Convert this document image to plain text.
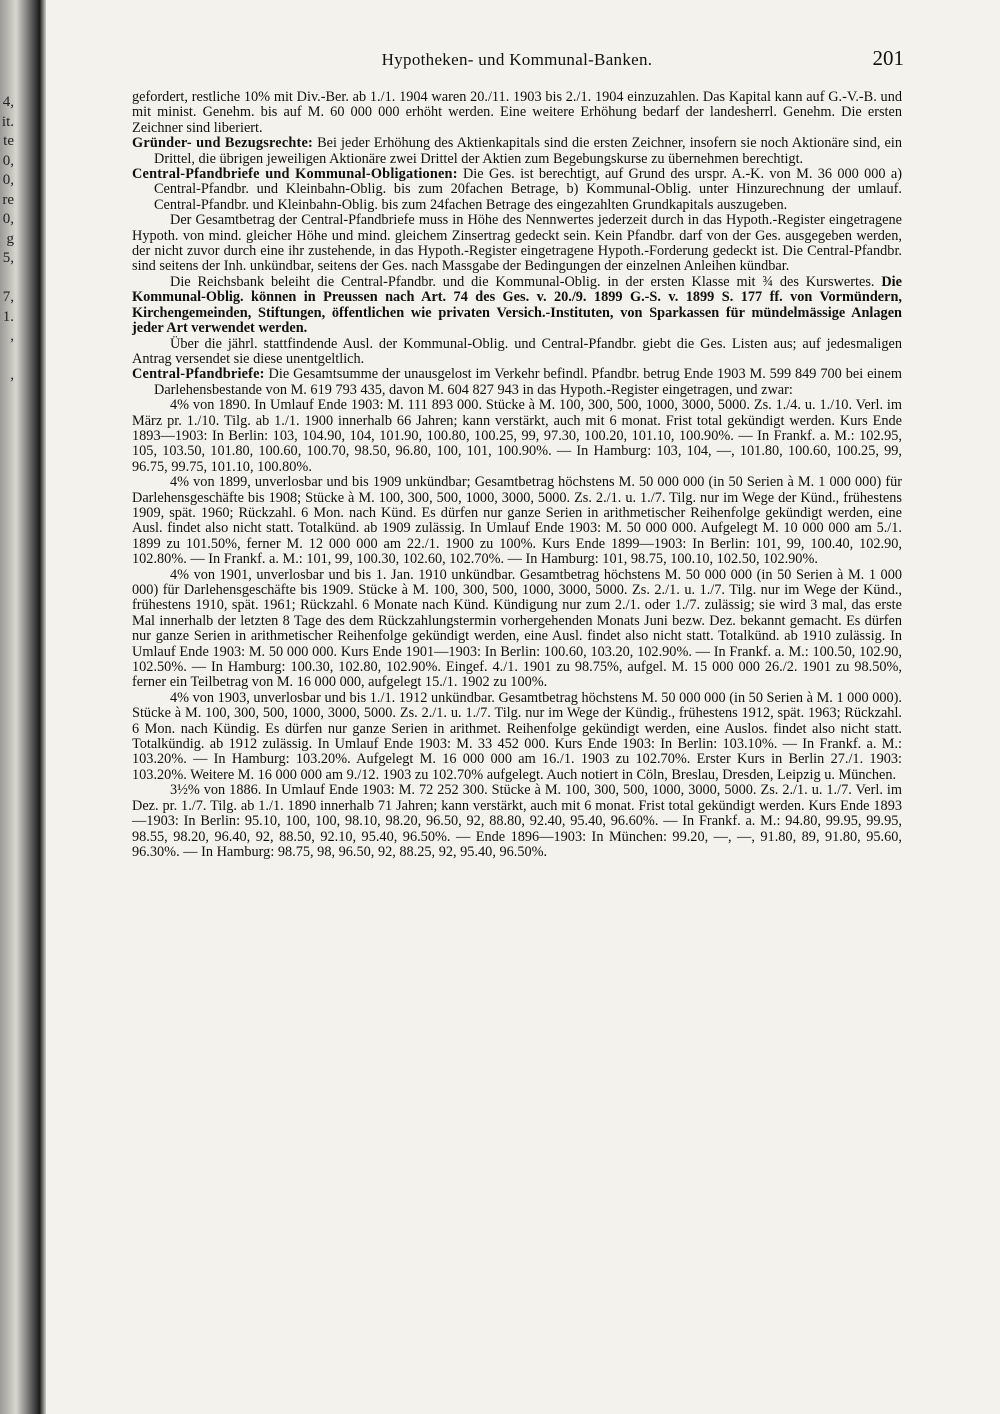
4,
it.
te
0,
0,
re
0,
g
5,
7,
1.
,
,
Hypotheken- und Kommunal-Banken.	201

gefordert, restliche 10% mit Div.-Ber. ab 1./1. 1904 waren 20./11. 1903 bis 2./1. 1904 einzuzahlen. Das Kapital kann auf G.-V.-B. und mit minist. Genehm. bis auf M. 60 000 000 erhöht werden. Eine weitere Erhöhung bedarf der landesherrl. Genehm. Die ersten Zeichner sind liberiert.

Gründer- und Bezugsrechte: Bei jeder Erhöhung des Aktienkapitals sind die ersten Zeichner, insofern sie noch Aktionäre sind, ein Drittel, die übrigen jeweiligen Aktionäre zwei Drittel der Aktien zum Begebungskurse zu übernehmen berechtigt.

Central-Pfandbriefe und Kommunal-Obligationen: Die Ges. ist berechtigt, auf Grund des urspr. A.-K. von M. 36 000 000 a) Central-Pfandbr. und Kleinbahn-Oblig. bis zum 20fachen Betrage, b) Kommunal-Oblig. unter Hinzurechnung der umlauf. Central-Pfandbr. und Kleinbahn-Oblig. bis zum 24fachen Betrage des eingezahlten Grundkapitals auszugeben.

Der Gesamtbetrag der Central-Pfandbriefe muss in Höhe des Nennwertes jederzeit durch in das Hypoth.-Register eingetragene Hypoth. von mind. gleicher Höhe und mind. gleichem Zinsertrag gedeckt sein. Kein Pfandbr. darf von der Ges. ausgegeben werden, der nicht zuvor durch eine ihr zustehende, in das Hypoth.-Register eingetragene Hypoth.-Forderung gedeckt ist. Die Central-Pfandbr. sind seitens der Inh. unkündbar, seitens der Ges. nach Massgabe der Bedingungen der einzelnen Anleihen kündbar.

Die Reichsbank beleiht die Central-Pfandbr. und die Kommunal-Oblig. in der ersten Klasse mit ¾ des Kurswertes. Die Kommunal-Oblig. können in Preussen nach Art. 74 des Ges. v. 20./9. 1899 G.-S. v. 1899 S. 177 ff. von Vormündern, Kirchengemeinden, Stiftungen, öffentlichen wie privaten Versich.-Instituten, von Sparkassen für mündelmässige Anlagen jeder Art verwendet werden.

Über die jährl. stattfindende Ausl. der Kommunal-Oblig. und Central-Pfandbr. giebt die Ges. Listen aus; auf jedesmaligen Antrag versendet sie diese unentgeltlich.

Central-Pfandbriefe: Die Gesamtsumme der unausgelost im Verkehr befindl. Pfandbr. betrug Ende 1903 M. 599 849 700 bei einem Darlehensbestande von M. 619 793 435, davon M. 604 827 943 in das Hypoth.-Register eingetragen, und zwar:

4% von 1890. In Umlauf Ende 1903: M. 111 893 000. Stücke à M. 100, 300, 500, 1000, 3000, 5000. Zs. 1./4. u. 1./10. Verl. im März pr. 1./10. Tilg. ab 1./1. 1900 innerhalb 66 Jahren; kann verstärkt, auch mit 6 monat. Frist total gekündigt werden. Kurs Ende 1893—1903: In Berlin: 103, 104.90, 104, 101.90, 100.80, 100.25, 99, 97.30, 100.20, 101.10, 100.90%. — In Frankf. a. M.: 102.95, 105, 103.50, 101.80, 100.60, 100.70, 98.50, 96.80, 100, 101, 100.90%. — In Hamburg: 103, 104, —, 101.80, 100.60, 100.25, 99, 96.75, 99.75, 101.10, 100.80%.

4% von 1899, unverlosbar und bis 1909 unkündbar; Gesamtbetrag höchstens M. 50 000 000 (in 50 Serien à M. 1 000 000) für Darlehensgeschäfte bis 1908; Stücke à M. 100, 300, 500, 1000, 3000, 5000. Zs. 2./1. u. 1./7. Tilg. nur im Wege der Künd., frühestens 1909, spät. 1960; Rückzahl. 6 Mon. nach Künd. Es dürfen nur ganze Serien in arithmetischer Reihenfolge gekündigt werden, eine Ausl. findet also nicht statt. Totalkünd. ab 1909 zulässig. In Umlauf Ende 1903: M. 50 000 000. Aufgelegt M. 10 000 000 am 5./1. 1899 zu 101.50%, ferner M. 12 000 000 am 22./1. 1900 zu 100%. Kurs Ende 1899—1903: In Berlin: 101, 99, 100.40, 102.90, 102.80%. — In Frankf. a. M.: 101, 99, 100.30, 102.60, 102.70%. — In Hamburg: 101, 98.75, 100.10, 102.50, 102.90%.

4% von 1901, unverlosbar und bis 1. Jan. 1910 unkündbar. Gesamtbetrag höchstens M. 50 000 000 (in 50 Serien à M. 1 000 000) für Darlehensgeschäfte bis 1909. Stücke à M. 100, 300, 500, 1000, 3000, 5000. Zs. 2./1. u. 1./7. Tilg. nur im Wege der Künd., frühestens 1910, spät. 1961; Rückzahl. 6 Monate nach Künd. Kündigung nur zum 2./1. oder 1./7. zulässig; sie wird 3 mal, das erste Mal innerhalb der letzten 8 Tage des dem Rückzahlungstermin vorhergehenden Monats Juni bezw. Dez. bekannt gemacht. Es dürfen nur ganze Serien in arithmetischer Reihenfolge gekündigt werden, eine Ausl. findet also nicht statt. Totalkünd. ab 1910 zulässig. In Umlauf Ende 1903: M. 50 000 000. Kurs Ende 1901—1903: In Berlin: 100.60, 103.20, 102.90%. — In Frankf. a. M.: 100.50, 102.90, 102.50%. — In Hamburg: 100.30, 102.80, 102.90%. Eingef. 4./1. 1901 zu 98.75%, aufgel. M. 15 000 000 26./2. 1901 zu 98.50%, ferner ein Teilbetrag von M. 16 000 000, aufgelegt 15./1. 1902 zu 100%.

4% von 1903, unverlosbar und bis 1./1. 1912 unkündbar. Gesamtbetrag höchstens M. 50 000 000 (in 50 Serien à M. 1 000 000). Stücke à M. 100, 300, 500, 1000, 3000, 5000. Zs. 2./1. u. 1./7. Tilg. nur im Wege der Kündig., frühestens 1912, spät. 1963; Rückzahl. 6 Mon. nach Kündig. Es dürfen nur ganze Serien in arithmet. Reihenfolge gekündigt werden, eine Auslos. findet also nicht statt. Totalkündig. ab 1912 zulässig. In Umlauf Ende 1903: M. 33 452 000. Kurs Ende 1903: In Berlin: 103.10%. — In Frankf. a. M.: 103.20%. — In Hamburg: 103.20%. Aufgelegt M. 16 000 000 am 16./1. 1903 zu 102.70%. Erster Kurs in Berlin 27./1. 1903: 103.20%. Weitere M. 16 000 000 am 9./12. 1903 zu 102.70% aufgelegt. Auch notiert in Cöln, Breslau, Dresden, Leipzig u. München.

3½% von 1886. In Umlauf Ende 1903: M. 72 252 300. Stücke à M. 100, 300, 500, 1000, 3000, 5000. Zs. 2./1. u. 1./7. Verl. im Dez. pr. 1./7. Tilg. ab 1./1. 1890 innerhalb 71 Jahren; kann verstärkt, auch mit 6 monat. Frist total gekündigt werden. Kurs Ende 1893—1903: In Berlin: 95.10, 100, 100, 98.10, 98.20, 96.50, 92, 88.80, 92.40, 95.40, 96.60%. — In Frankf. a. M.: 94.80, 99.95, 99.95, 98.55, 98.20, 96.40, 92, 88.50, 92.10, 95.40, 96.50%. — Ende 1896—1903: In München: 99.20, —, —, 91.80, 89, 91.80, 95.60, 96.30%. — In Hamburg: 98.75, 98, 96.50, 92, 88.25, 92, 95.40, 96.50%.
